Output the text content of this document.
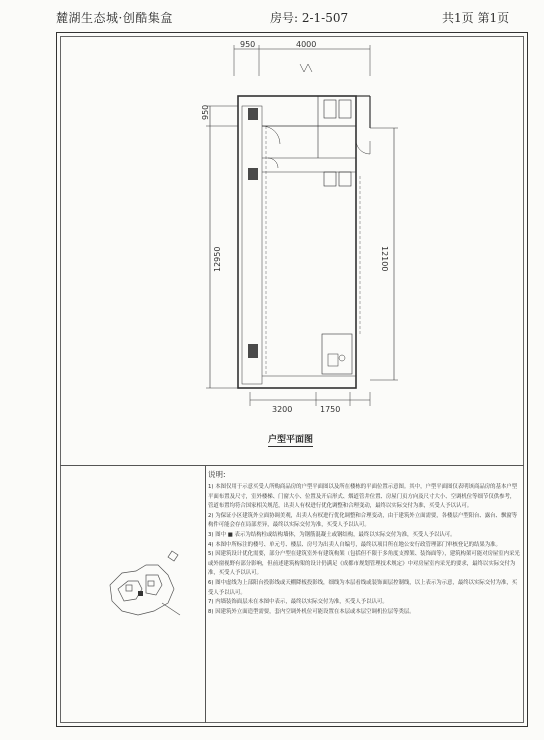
麓湖生态城·创酷集盒	房号: 2-1-507	共1页 第1页
950	4000
950
12950	12100
3200	1750
户型平面图
说明:
1) 本图仅用于示意买受人所购商品房的户型平面图以及所在楼栋的平面位置示意图。其中，户型平面图仅表明该商品房的基本户型平面布置及尺寸，室外楼梯、门窗大小、位置及开启形式、烟道管井位置、房屋门页方向及尺寸大小、空调机位等细节仅供参考，管道布置均符合国家相关规范，出卖人有权进行优化调整和合理变动，最终以实际交付为准，买受人予以认可。
2) 为保证小区建筑外立面协调美观，出卖人有权进行优化调整和合理变动，由于建筑外立面需要，各楼层户型阳台、露台、飘窗等构件可能会存在局部差异，最终以实际交付为准，买受人予以认可。
3) 图中 ■ 表示为结构柱或结构墙体，为钢筋混凝土或钢结构，最终以实际交付为准，买受人予以认可。
4) 本图中所标注的楼号、单元号、楼层、房号为出卖人自编号，最终以项目所在地公安行政管理部门审核登记的结果为准。
5) 因建筑设计优化需要，部分户型在建筑室外有建筑构架（包括但不限于多角度支撑架、装饰面等），建筑构架可能对房屋室内采光或外窗视野有部分影响，但前述建筑构架的设计仍满足《成都市规划管理技术规定》中对房屋室内采光的要求，最终以实际交付为准，买受人予以认可。
6) 图中虚线为上部阳台投影线或天棚降板投影线，细线为本层看线或装饰面层控制线，以上表示为示意，最终以实际交付为准，买受人予以认可。
7) 内墙装饰面层未在本图中表示，最终以实际交付为准，买受人予以认可。
8) 因建筑外立面造型需要，套内空调外机位可能设置在本层或本层空调机位层等类层。
